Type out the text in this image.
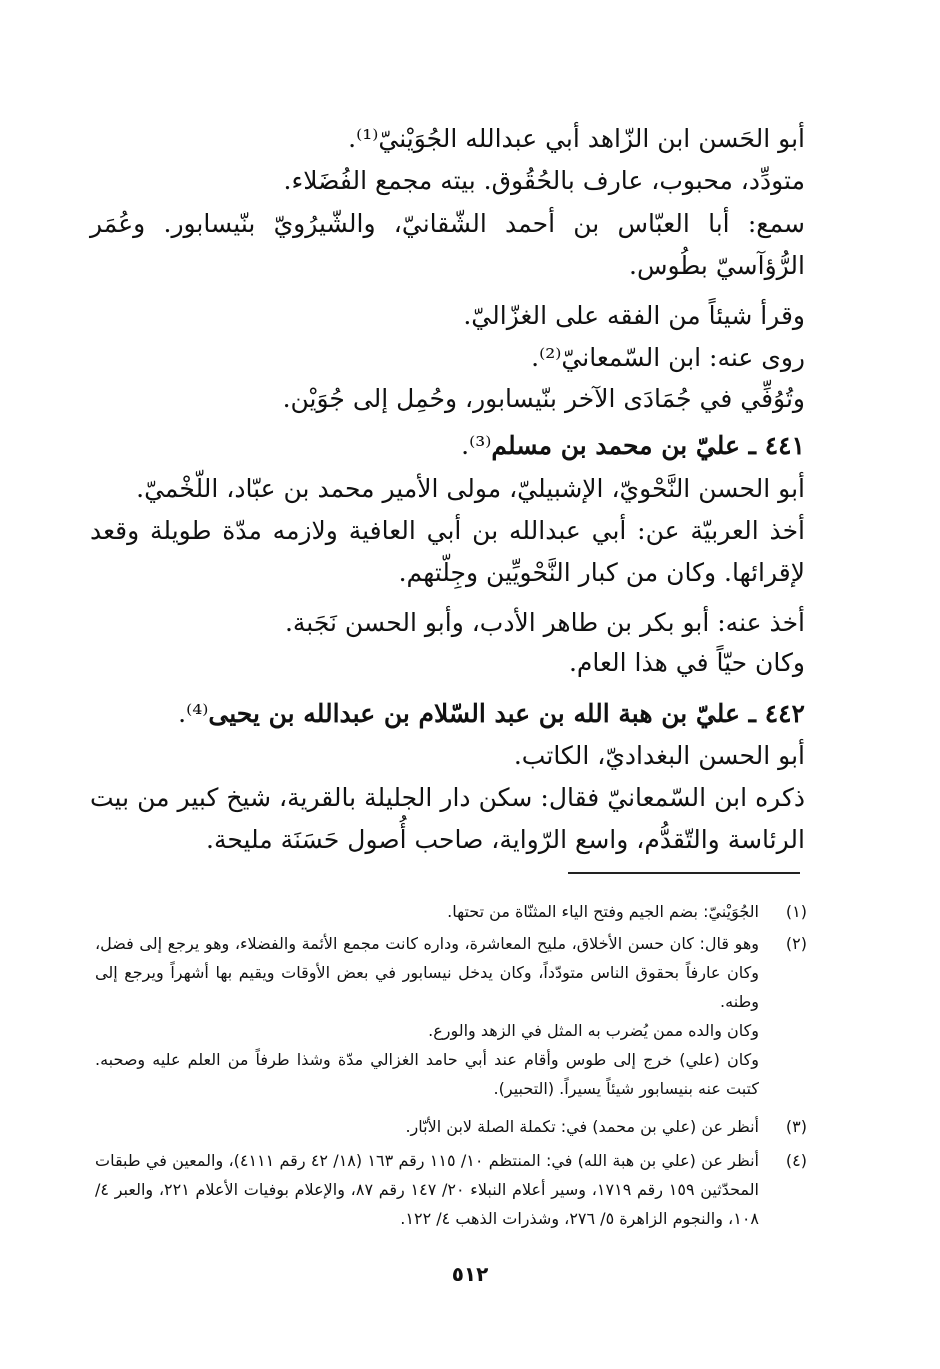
أبو الحَسن ابن الزّاهد أبي عبدالله الجُوَيْنيّ⁽¹⁾.
متودِّد، محبوب، عارف بالحُقُوق. بيته مجمع الفُضَلاء.
سمع: أبا العبّاس بن أحمد الشّقانيّ، والشّيرُويّ بنّيسابور. وعُمَر الرُّؤآسيّ بطُوس.
وقرأ شيئاً من الفقه على الغزّاليّ.
روى عنه: ابن السّمعانيّ⁽²⁾.
وتُوُفِّي في جُمَادَى الآخر بنّيسابور، وحُمِل إلى جُوَيْن.
٤٤١ ـ عليّ بن محمد بن مسلم⁽³⁾.
أبو الحسن النَّحْويّ، الإشبيليّ، مولى الأمير محمد بن عبّاد، اللّخْميّ.
أخذ العربيّة عن: أبي عبدالله بن أبي العافية ولازمه مدّة طويلة وقعد لإقرائها. وكان من كبار النَّحْويِّين وجِلّتهم.
أخذ عنه: أبو بكر بن طاهر الأدب، وأبو الحسن نَجَبة.
وكان حيّاً في هذا العام.
٤٤٢ ـ عليّ بن هبة الله بن عبد السّلام بن عبدالله بن يحيى⁽⁴⁾.
أبو الحسن البغداديّ، الكاتب.
ذكره ابن السّمعانيّ فقال: سكن دار الجليلة بالقرية، شيخ كبير من بيت الرئاسة والتّقدُّم، واسع الرّواية، صاحب أُصول حَسَنَة مليحة.
(١)
الجُوَيْنيّ: بضم الجيم وفتح الياء المثنّاة من تحتها.
(٢)
وهو قال: كان حسن الأخلاق، مليح المعاشرة، وداره كانت مجمع الأئمة والفضلاء، وهو يرجع إلى فضل، وكان عارفاً بحقوق الناس متودّداً، وكان يدخل نيسابور في بعض الأوقات ويقيم بها أشهراً ويرجع إلى وطنه.
وكان والده ممن يُضرب به المثل في الزهد والورع.
وكان (علي) خرج إلى طوس وأقام عند أبي حامد الغزالي مدّة وشذا طرفاً من العلم عليه وصحبه. كتبت عنه بنيسابور شيئاً يسيراً. (التحبير).
(٣)
أنظر عن (علي بن محمد) في: تكملة الصلة لابن الأبّار.
(٤)
أنظر عن (علي بن هبة الله) في: المنتظم ١٠/ ١١٥ رقم ١٦٣ (١٨/ ٤٢ رقم ٤١١١)، والمعين في طبقات المحدّثين ١٥٩ رقم ١٧١٩، وسير أعلام النبلاء ٢٠/ ١٤٧ رقم ٨٧، والإعلام بوفيات الأعلام ٢٢١، والعبر ٤/ ١٠٨، والنجوم الزاهرة ٥/ ٢٧٦، وشذرات الذهب ٤/ ١٢٢.
٥١٢
